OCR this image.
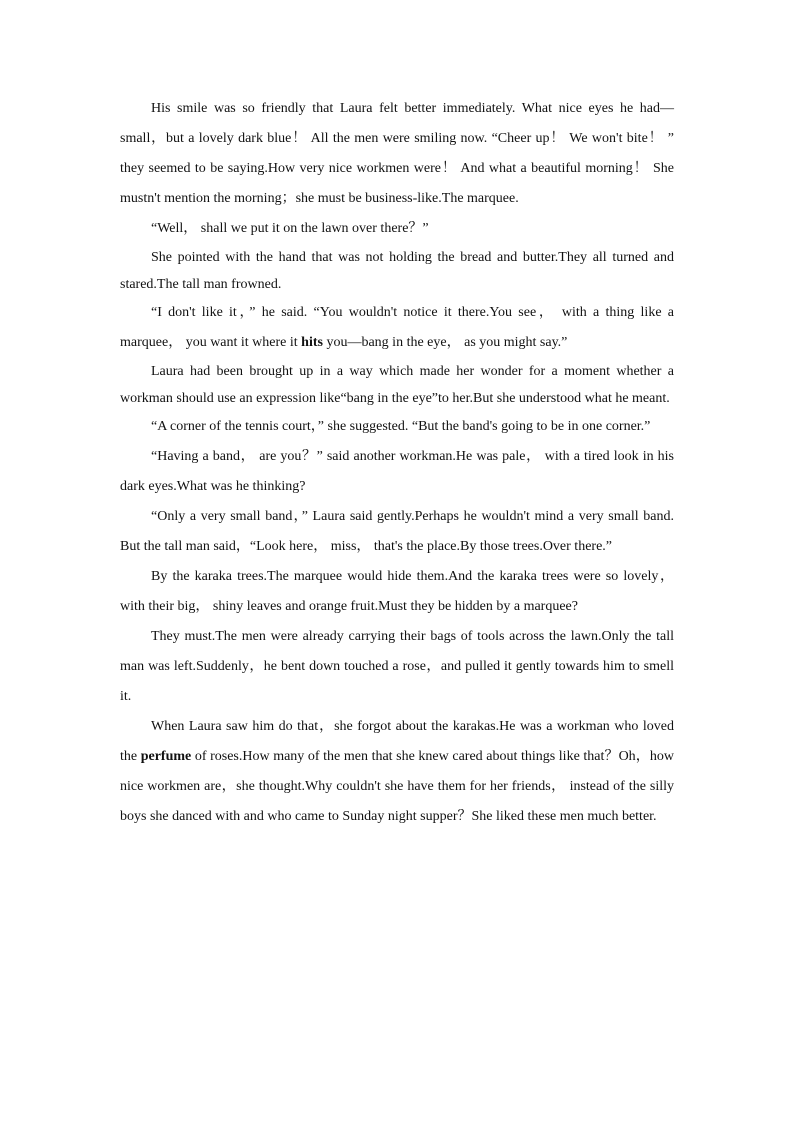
His smile was so friendly that Laura felt better immediately. What nice eyes he had—small，but a lovely dark blue！ All the men were smiling now. “Cheer up！ We won't bite！ ” they seemed to be saying.How very nice workmen were！ And what a beautiful morning！ She mustn't mention the morning；she must be business-like.The marquee.

“Well， shall we put it on the lawn over there？”

She pointed with the hand that was not holding the bread and butter.They all turned and stared.The tall man frowned.

“I don't like it，” he said. “You wouldn't notice it there.You see， with a thing like a marquee， you want it where it hits you—bang in the eye， as you might say.”

Laura had been brought up in a way which made her wonder for a moment whether a workman should use an expression like“bang in the eye”to her.But she understood what he meant.

“A corner of the tennis court，” she suggested. “But the band's going to be in one corner.”

“Having a band， are you？” said another workman.He was pale， with a tired look in his dark eyes.What was he thinking?

“Only a very small band，” Laura said gently.Perhaps he wouldn't mind a very small band. But the tall man said，“Look here， miss， that's the place.By those trees.Over there.”

By the karaka trees.The marquee would hide them.And the karaka trees were so lovely， with their big， shiny leaves and orange fruit.Must they be hidden by a marquee?

They must.The men were already carrying their bags of tools across the lawn.Only the tall man was left.Suddenly，he bent down touched a rose，and pulled it gently towards him to smell it.

When Laura saw him do that，she forgot about the karakas.He was a workman who loved the perfume of roses.How many of the men that she knew cared about things like that？Oh，how nice workmen are，she thought.Why couldn't she have them for her friends， instead of the silly boys she danced with and who came to Sunday night supper？She liked these men much better.
